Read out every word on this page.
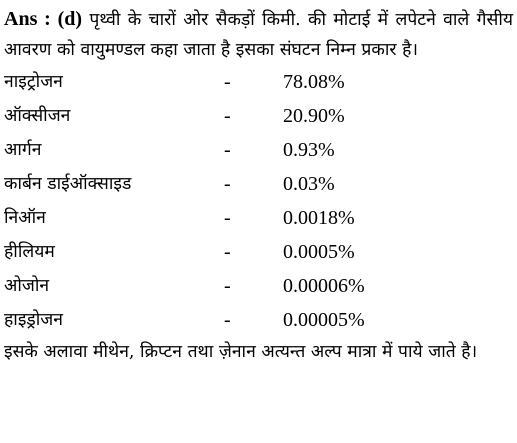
Ans : (d) पृथ्वी के चारों ओर सैकड़ों किमी. की मोटाई में लपेटने वाले गैसीय आवरण को वायुमण्डल कहा जाता है इसका संघटन निम्न प्रकार है।

नाइट्रोजन	-	78.08%
ऑक्सीजन	-	20.90%
आर्गन	-	0.93%
कार्बन डाईऑक्साइड	-	0.03%
निऑन	-	0.0018%
हीलियम	-	0.0005%
ओजोन	-	0.00006%
हाइड्रोजन	-	0.00005%

इसके अलावा मीथेन, क्रिप्टन तथा ज़ेनान अत्यन्त अल्प मात्रा में पाये जाते है।
